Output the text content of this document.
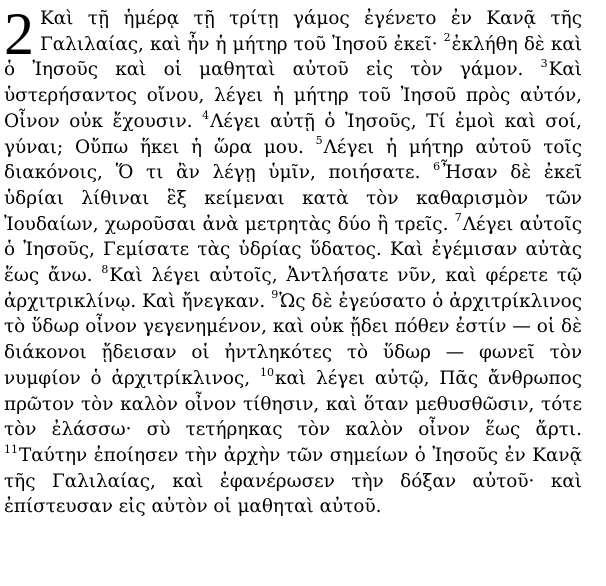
2 Καὶ τῇ ἡμέρᾳ τῇ τρίτῃ γάμος ἐγένετο ἐν Κανᾷ τῆς Γαλιλαίας, καὶ ἦν ἡ μήτηρ τοῦ Ἰησοῦ ἐκεῖ· $^2$ἐκλήθη δὲ καὶ ὁ Ἰησοῦς καὶ οἱ μαθηταὶ αὐτοῦ εἰς τὸν γάμον. $^3$Καὶ ὑστερήσαντος οἴνου, λέγει ἡ μήτηρ τοῦ Ἰησοῦ πρὸς αὐτόν, Οἶνον οὐκ ἔχουσιν. $^4$Λέγει αὐτῇ ὁ Ἰησοῦς, Τί ἐμοὶ καὶ σοί, γύναι; Οὔπω ἥκει ἡ ὥρα μου. $^5$Λέγει ἡ μήτηρ αὐτοῦ τοῖς διακόνοις, Ὅ τι ἂν λέγῃ ὑμῖν, ποιήσατε. $^6$Ἦσαν δὲ ἐκεῖ ὑδρίαι λίθιναι ἓξ κείμεναι κατὰ τὸν καθαρισμὸν τῶν Ἰουδαίων, χωροῦσαι ἀνὰ μετρητὰς δύο ἢ τρεῖς. $^7$Λέγει αὐτοῖς ὁ Ἰησοῦς, Γεμίσατε τὰς ὑδρίας ὕδατος. Καὶ ἐγέμισαν αὐτὰς ἕως ἄνω. $^8$Καὶ λέγει αὐτοῖς, Ἀντλήσατε νῦν, καὶ φέρετε τῷ ἀρχιτρικλίνῳ. Καὶ ἤνεγκαν. $^9$Ὡς δὲ ἐγεύσατο ὁ ἀρχιτρίκλινος τὸ ὕδωρ οἶνον γεγενημένον, καὶ οὐκ ᾔδει πόθεν ἐστίν — οἱ δὲ διάκονοι ᾔδεισαν οἱ ἠντληκότες τὸ ὕδωρ — φωνεῖ τὸν νυμφίον ὁ ἀρχιτρίκλινος, $^{10}$καὶ λέγει αὐτῷ, Πᾶς ἄνθρωπος πρῶτον τὸν καλὸν οἶνον τίθησιν, καὶ ὅταν μεθυσθῶσιν, τότε τὸν ἐλάσσω· σὺ τετήρηκας τὸν καλὸν οἶνον ἕως ἄρτι. $^{11}$Ταύτην ἐποίησεν τὴν ἀρχὴν τῶν σημείων ὁ Ἰησοῦς ἐν Κανᾷ τῆς Γαλιλαίας, καὶ ἐφανέρωσεν τὴν δόξαν αὐτοῦ· καὶ ἐπίστευσαν εἰς αὐτὸν οἱ μαθηταὶ αὐτοῦ.
